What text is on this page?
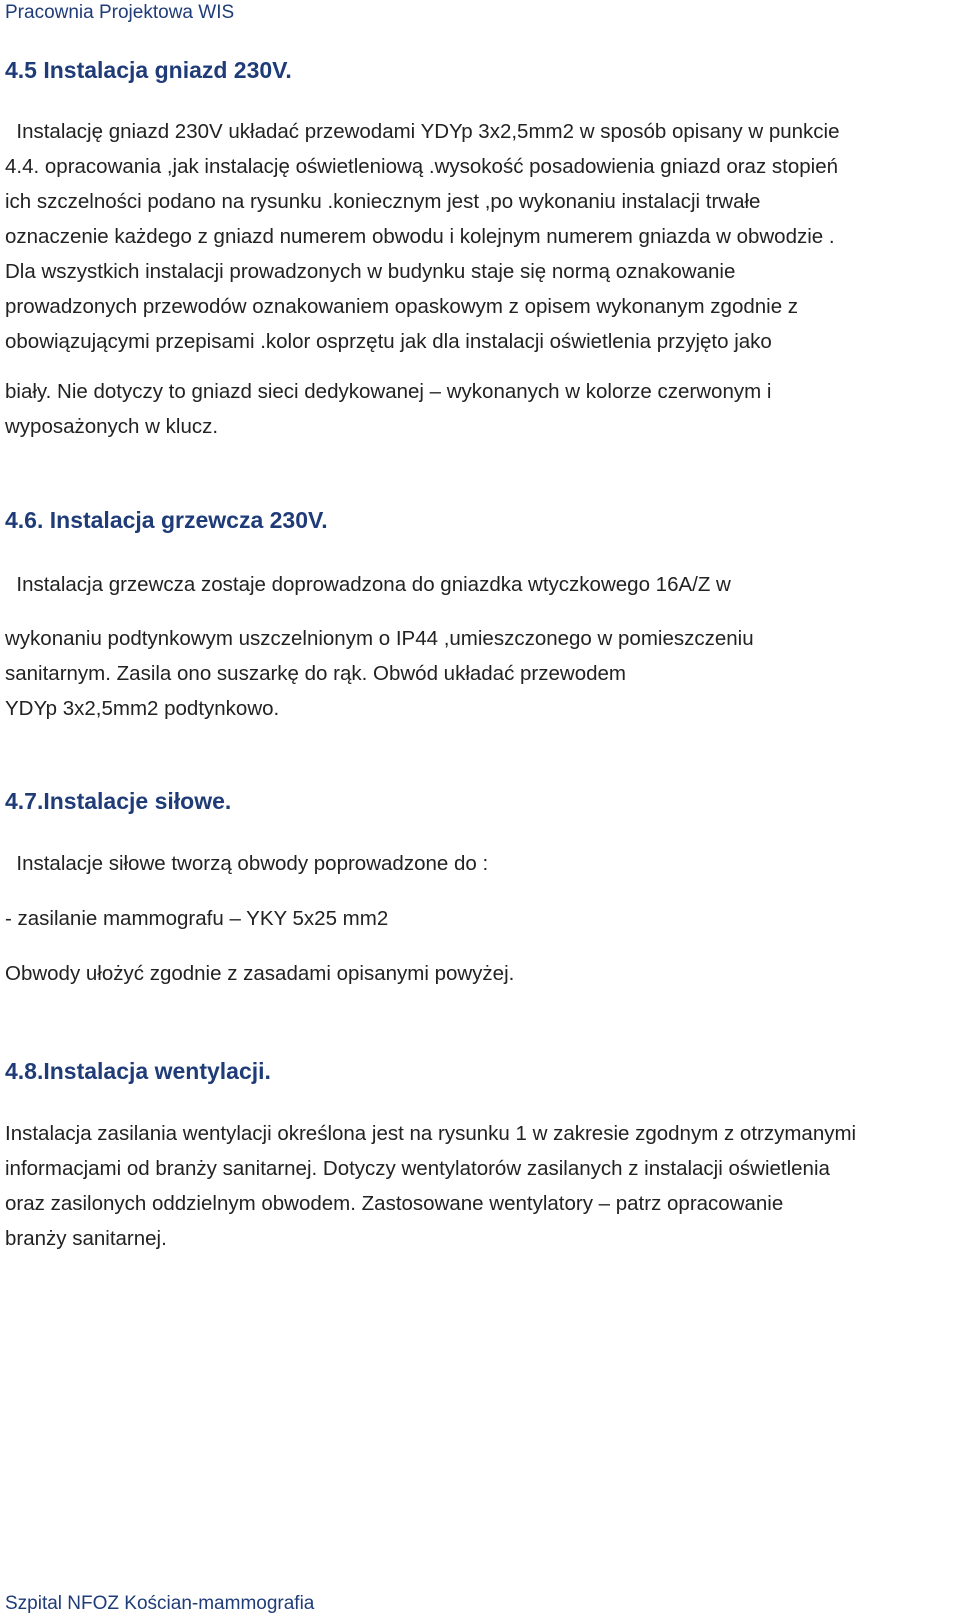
Pracownia Projektowa WIS
4.5 Instalacja gniazd 230V.
Instalację gniazd 230V układać przewodami YDYp 3x2,5mm2 w sposób opisany w punkcie
4.4. opracowania ,jak instalację oświetleniową .wysokość posadowienia gniazd oraz stopień
ich szczelności podano na rysunku .koniecznym jest ,po wykonaniu instalacji trwałe
oznaczenie każdego z gniazd numerem obwodu i kolejnym numerem gniazda w obwodzie .
Dla wszystkich instalacji prowadzonych w budynku staje się normą oznakowanie
prowadzonych przewodów oznakowaniem opaskowym z opisem wykonanym zgodnie z
obowiązującymi przepisami .kolor osprzętu jak dla instalacji oświetlenia przyjęto jako
biały. Nie dotyczy to gniazd sieci dedykowanej – wykonanych w kolorze czerwonym i
wyposażonych w klucz.
4.6. Instalacja grzewcza 230V.
Instalacja grzewcza zostaje doprowadzona do gniazdka wtyczkowego 16A/Z w
wykonaniu podtynkowym uszczelnionym o IP44 ,umieszczonego w pomieszczeniu
sanitarnym. Zasila ono suszarkę do rąk. Obwód układać przewodem
YDYp 3x2,5mm2 podtynkowo.
4.7.Instalacje siłowe.
Instalacje siłowe tworzą obwody poprowadzone do :
- zasilanie mammografu – YKY 5x25 mm2
Obwody ułożyć zgodnie z zasadami opisanymi powyżej.
4.8.Instalacja wentylacji.
Instalacja zasilania wentylacji określona jest na rysunku 1 w zakresie zgodnym z otrzymanymi
informacjami od branży sanitarnej. Dotyczy wentylatorów zasilanych z instalacji oświetlenia
oraz zasilonych oddzielnym obwodem. Zastosowane wentylatory – patrz opracowanie
branży sanitarnej.
Szpital NFOZ Kościan-mammografia
